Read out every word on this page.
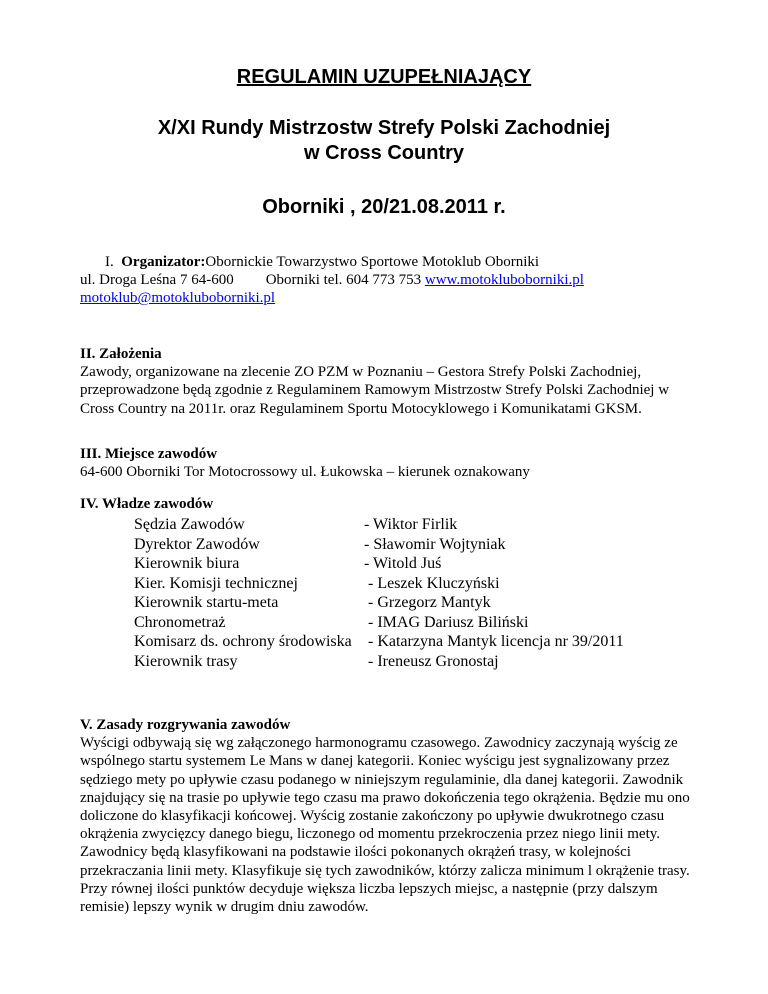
REGULAMIN UZUPEŁNIAJĄCY
X/XI Rundy Mistrzostw Strefy Polski Zachodniej
w Cross Country
Oborniki , 20/21.08.2011 r.
I. Organizator:Obornickie Towarzystwo Sportowe Motoklub Oborniki
ul. Droga Leśna 7 64-600 Oborniki tel. 604 773 753 www.motokluboborniki.pl
motoklub@motokluboborniki.pl
II. Założenia
Zawody, organizowane na zlecenie ZO PZM w Poznaniu – Gestora Strefy Polski Zachodniej, przeprowadzone będą zgodnie z Regulaminem Ramowym Mistrzostw Strefy Polski Zachodniej w Cross Country na 2011r. oraz Regulaminem Sportu Motocyklowego i Komunikatami GKSM.
III. Miejsce zawodów
64-600 Oborniki Tor Motocrossowy ul. Łukowska – kierunek oznakowany
IV. Władze zawodów
Sędzia Zawodów	- Wiktor Firlik
Dyrektor Zawodów	- Sławomir Wojtyniak
Kierownik biura	- Witold Juś
Kier. Komisji technicznej	- Leszek Kluczyński
Kierownik startu-meta	- Grzegorz Mantyk
Chronometraż	- IMAG Dariusz Biliński
Komisarz ds. ochrony środowiska - Katarzyna Mantyk licencja nr 39/2011
Kierownik trasy	- Ireneusz Gronostaj
V. Zasady rozgrywania zawodów
Wyścigi odbywają się wg załączonego harmonogramu czasowego. Zawodnicy zaczynają wyścig ze wspólnego startu systemem Le Mans w danej kategorii. Koniec wyścigu jest sygnalizowany przez sędziego mety po upływie czasu podanego w niniejszym regulaminie, dla danej kategorii. Zawodnik znajdujący się na trasie po upływie tego czasu ma prawo dokończenia tego okrążenia. Będzie mu ono doliczone do klasyfikacji końcowej. Wyścig zostanie zakończony po upływie dwukrotnego czasu okrążenia zwycięzcy danego biegu, liczonego od momentu przekroczenia przez niego linii mety.
Zawodnicy będą klasyfikowani na podstawie ilości pokonanych okrążeń trasy, w kolejności przekraczania linii mety. Klasyfikuje się tych zawodników, którzy zalicza minimum l okrążenie trasy. Przy równej ilości punktów decyduje większa liczba lepszych miejsc, a następnie (przy dalszym remisie) lepszy wynik w drugim dniu zawodów.
